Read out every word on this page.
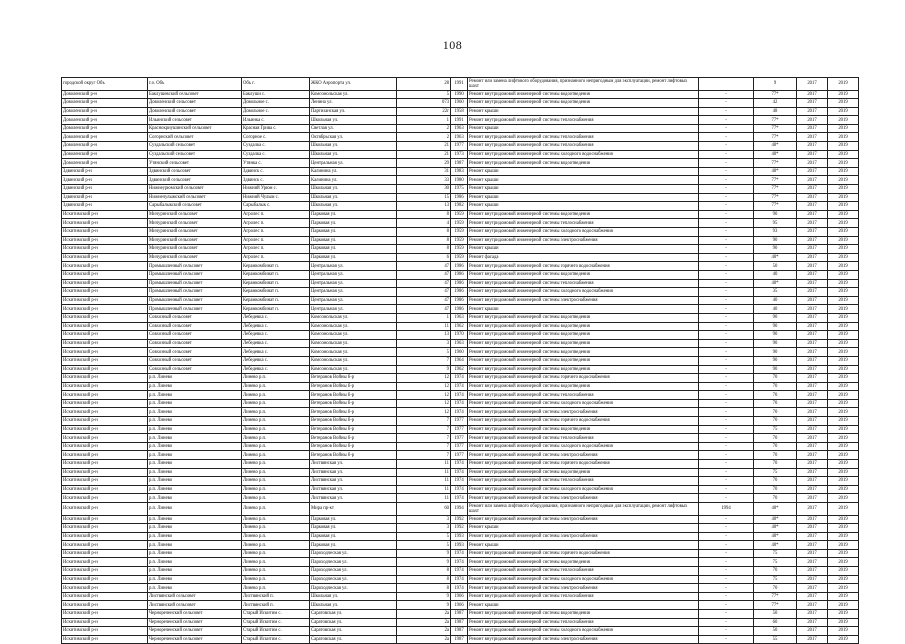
108
городской округ Объ	г.о. Объ	Объ г.	ЖКО Аэропорта ул.	28	1991	Ремонт или замена лифтового оборудования, признанного непригодным для эксплуатации, ремонт лифтовых шахт		9	2017	2019
Доволенский р-н	Баклушевский сельсовет	Баклуши с.	Комсомольская ул.	5	1990	Ремонт внутридомовой инженерной системы водоотведения	-	77*	2017	2019
Доволенский р-н	Доволенский сельсовет	Довольное с.	Ленина ул.	073	1960	Ремонт внутридомовой инженерной системы водоотведения	-	42	2017	2019
Доволенский р-н	Доволенский сельсовет	Довольное с.	Партизанская ул.	22г	1958	Ремонт крыши	-	48	2017	2019
Доволенский р-н	Ильинский сельсовет	Ильинка с.	Школьная ул.	1	1991	Ремонт внутридомовой инженерной системы теплоснабжения	-	77*	2017	2019
Доволенский р-н	Краснокриушинский сельсовет	Красная Грива с.	Светлая ул.	2	1963	Ремонт крыши	-	77*	2017	2019
Доволенский р-н	Согорнский сельсовет	Согорное с.	Октябрьская ул.	2	1963	Ремонт внутридомовой инженерной системы теплоснабжения	-	77*	2017	2019
Доволенский р-н	Суздальский сельсовет	Суздалка с.	Школьная ул.	21	1977	Ремонт внутридомовой инженерной системы теплоснабжения	-	40*	2017	2019
Доволенский р-н	Суздальский сельсовет	Суздалка с.	Школьная ул.	21	1973	Ремонт внутридомовой инженерной системы холодного водоснабжения	-	40*	2017	2019
Доволенский р-н	Утянский сельсовет	Утянка с.	Центральная ул.	29	1987	Ремонт внутридомовой инженерной системы водоотведения	-	77*	2017	2019
Здвинский р-н	Здвинский сельсовет	Здвинск с.	Калинина ул.	31	1983	Ремонт крыши	-	40*	2017	2019
Здвинский р-н	Здвинский сельсовет	Здвинск с.	Калинина ул.	33	1980	Ремонт крыши	-	77*	2017	2019
Здвинский р-н	Нижнеурюмский сельсовет	Нижний Урюм с.	Школьная ул.	30	1975	Ремонт крыши	-	77*	2017	2019
Здвинский р-н	Нижнечулымский сельсовет	Нижний Чулым с.	Школьная ул.	15	1986	Ремонт крыши	-	77*	2017	2019
Здвинский р-н	Сарыбалыкский сельсовет	Сарыбалык с.	Школьная ул.	13	1982	Ремонт крыши	-	77*	2017	2019
Искитимский р-н	Мичуринский сельсовет	Агролес п.	Парковая ул.	8	1959	Ремонт внутридомовой инженерной системы водоотведения	-	90	2017	2019
Искитимский р-н	Мичуринский сельсовет	Агролес п.	Парковая ул.	4	1959	Ремонт внутридомовой инженерной системы теплоснабжения	-	95	2017	2019
Искитимский р-н	Мичуринский сельсовет	Агролес п.	Парковая ул.	8	1959	Ремонт внутридомовой инженерной системы холодного водоснабжения	-	93	2017	2019
Искитимский р-н	Мичуринский сельсовет	Агролес п.	Парковая ул.	8	1959	Ремонт внутридомовой инженерной системы электроснабжения	-	90	2017	2019
Искитимский р-н	Мичуринский сельсовет	Агролес п.	Парковая ул.	8	1959	Ремонт крыши	-	90	2017	2019
Искитимский р-н	Мичуринский сельсовет	Агролес п.	Парковая ул.	6	1959	Ремонт фасада	-	40*	2017	2019
Искитимский р-н	Промышленный сельсовет	Керамкомбинат п.	Центральная ул.	47	1986	Ремонт внутридомовой инженерной системы горячего водоснабжения	-	50	2017	2019
Искитимский р-н	Промышленный сельсовет	Керамкомбинат п.	Центральная ул.	47	1986	Ремонт внутридомовой инженерной системы водоотведения	-	40	2017	2019
Искитимский р-н	Промышленный сельсовет	Керамкомбинат п.	Центральная ул.	47	1986	Ремонт внутридомовой инженерной системы теплоснабжения	-	40*	2017	2019
Искитимский р-н	Промышленный сельсовет	Керамкомбинат п.	Центральная ул.	47	1986	Ремонт внутридомовой инженерной системы холодного водоснабжения	-	35	2017	2019
Искитимский р-н	Промышленный сельсовет	Керамкомбинат п.	Центральная ул.	47	1986	Ремонт внутридомовой инженерной системы электроснабжения	-	40	2017	2019
Искитимский р-н	Промышленный сельсовет	Керамкомбинат п.	Центральная ул.	47	1986	Ремонт крыши	-	40	2017	2019
Искитимский р-н	Совхозный сельсовет	Лебедевка с.	Комсомольская ул.	1	1963	Ремонт внутридомовой инженерной системы водоотведения	-	90	2017	2019
Искитимский р-н	Совхозный сельсовет	Лебедевка с.	Комсомольская ул.	11	1962	Ремонт внутридомовой инженерной системы водоотведения	-	90	2017	2019
Искитимский р-н	Совхозный сельсовет	Лебедевка с.	Комсомольская ул.	13	1970	Ремонт внутридомовой инженерной системы водоотведения	-	90	2017	2019
Искитимский р-н	Совхозный сельсовет	Лебедевка с.	Комсомольская ул.	3	1963	Ремонт внутридомовой инженерной системы водоотведения	-	90	2017	2019
Искитимский р-н	Совхозный сельсовет	Лебедевка с.	Комсомольская ул.	5	1960	Ремонт внутридомовой инженерной системы водоотведения	-	90	2017	2019
Искитимский р-н	Совхозный сельсовет	Лебедевка с.	Комсомольская ул.	7	1964	Ремонт внутридомовой инженерной системы водоотведения	-	90	2017	2019
Искитимский р-н	Совхозный сельсовет	Лебедевка с.	Комсомольская ул.	9	1962	Ремонт внутридомовой инженерной системы водоотведения	-	90	2017	2019
Искитимский р-н	р.п. Линево	Линево р.п.	Ветеранов Войны б-р	12	1974	Ремонт внутридомовой инженерной системы горячего водоснабжения	-	70	2017	2019
Искитимский р-н	р.п. Линево	Линево р.п.	Ветеранов Войны б-р	12	1974	Ремонт внутридомовой инженерной системы водоотведения	-	70	2017	2019
Искитимский р-н	р.п. Линево	Линево р.п.	Ветеранов Войны б-р	12	1974	Ремонт внутридомовой инженерной системы теплоснабжения	-	70	2017	2019
Искитимский р-н	р.п. Линево	Линево р.п.	Ветеранов Войны б-р	12	1974	Ремонт внутридомовой инженерной системы холодного водоснабжения	-	70	2017	2019
Искитимский р-н	р.п. Линево	Линево р.п.	Ветеранов Войны б-р	12	1974	Ремонт внутридомовой инженерной системы электроснабжения	-	70	2017	2019
Искитимский р-н	р.п. Линево	Линево р.п.	Ветеранов Войны б-р	7	1977	Ремонт внутридомовой инженерной системы горячего водоснабжения	-	70	2017	2019
Искитимский р-н	р.п. Линево	Линево р.п.	Ветеранов Войны б-р	7	1977	Ремонт внутридомовой инженерной системы водоотведения	-	75	2017	2019
Искитимский р-н	р.п. Линево	Линево р.п.	Ветеранов Войны б-р	7	1977	Ремонт внутридомовой инженерной системы теплоснабжения	-	70	2017	2019
Искитимский р-н	р.п. Линево	Линево р.п.	Ветеранов Войны б-р	7	1977	Ремонт внутридомовой инженерной системы холодного водоснабжения	-	70	2017	2019
Искитимский р-н	р.п. Линево	Линево р.п.	Ветеранов Войны б-р	7	1977	Ремонт внутридомовой инженерной системы электроснабжения	-	70	2017	2019
Искитимский р-н	р.п. Линево	Линево р.п.	Листвянская ул.	11	1974	Ремонт внутридомовой инженерной системы горячего водоснабжения	-	70	2017	2019
Искитимский р-н	р.п. Линево	Линево р.п.	Листвянская ул.	11	1974	Ремонт внутридомовой инженерной системы водоотведения	-	75	2017	2019
Искитимский р-н	р.п. Линево	Линево р.п.	Листвянская ул.	11	1974	Ремонт внутридомовой инженерной системы теплоснабжения	-	70	2017	2019
Искитимский р-н	р.п. Линево	Линево р.п.	Листвянская ул.	11	1974	Ремонт внутридомовой инженерной системы холодного водоснабжения	-	70	2017	2019
Искитимский р-н	р.п. Линево	Линево р.п.	Листвянская ул.	11	1974	Ремонт внутридомовой инженерной системы электроснабжения	-	70	2017	2019
Искитимский р-н	р.п. Линево	Линево р.п.	Мира пр-кт	60	1994	Ремонт или замена лифтового оборудования, признанного непригодным для эксплуатации, ремонт лифтовых шахт	1994	40*	2017	2019
Искитимский р-н	р.п. Линево	Линево р.п.	Парковая ул.	3	1992	Ремонт внутридомовой инженерной системы электроснабжения	-	40*	2017	2019
Искитимский р-н	р.п. Линево	Линево р.п.	Парковая ул.	3	1992	Ремонт крыши	-	40*	2017	2019
Искитимский р-н	р.п. Линево	Линево р.п.	Парковая ул.	5	1993	Ремонт внутридомовой инженерной системы электроснабжения	-	40*	2017	2019
Искитимский р-н	р.п. Линево	Линево р.п.	Парковая ул.	5	1993	Ремонт крыши	-	40*	2017	2019
Искитимский р-н	р.п. Линево	Линево р.п.	Пароходческая ул.	9	1974	Ремонт внутридомовой инженерной системы горячего водоснабжения	-	75	2017	2019
Искитимский р-н	р.п. Линево	Линево р.п.	Пароходческая ул.	9	1974	Ремонт внутридомовой инженерной системы водоотведения	-	75	2017	2019
Искитимский р-н	р.п. Линево	Линево р.п.	Пароходческая ул.	8	1974	Ремонт внутридомовой инженерной системы теплоснабжения	-	70	2017	2019
Искитимский р-н	р.п. Линево	Линево р.п.	Пароходческая ул.	8	1974	Ремонт внутридомовой инженерной системы холодного водоснабжения	-	75	2017	2019
Искитимский р-н	р.п. Линево	Линево р.п.	Пароходческая ул.	8	1974	Ремонт внутридомовой инженерной системы электроснабжения	-	70	2017	2019
Искитимский р-н	Листвянский сельсовет	Листвянский п.	Школьная ул.	9	1966	Ремонт внутридомовой инженерной системы теплоснабжения	-	77*	2017	2019
Искитимский р-н	Листвянский сельсовет	Листвянский п.	Школьная ул.	9	1966	Ремонт крыши	-	77*	2017	2019
Искитимский р-н	Чернореченский сельсовет	Старый Искитим с.	Саратовская ул.	2а	1987	Ремонт внутридомовой инженерной системы водоотведения	-	50	2017	2019
Искитимский р-н	Чернореченский сельсовет	Старый Искитим с.	Саратовская ул.	2а	1987	Ремонт внутридомовой инженерной системы теплоснабжения	-	60	2017	2019
Искитимский р-н	Чернореченский сельсовет	Старый Искитим с.	Саратовская ул.	2а	1987	Ремонт внутридомовой инженерной системы холодного водоснабжения	-	50	2017	2019
Искитимский р-н	Чернореченский сельсовет	Старый Искитим с.	Саратовская ул.	2а	1987	Ремонт внутридомовой инженерной системы электроснабжения	-	55	2017	2019
